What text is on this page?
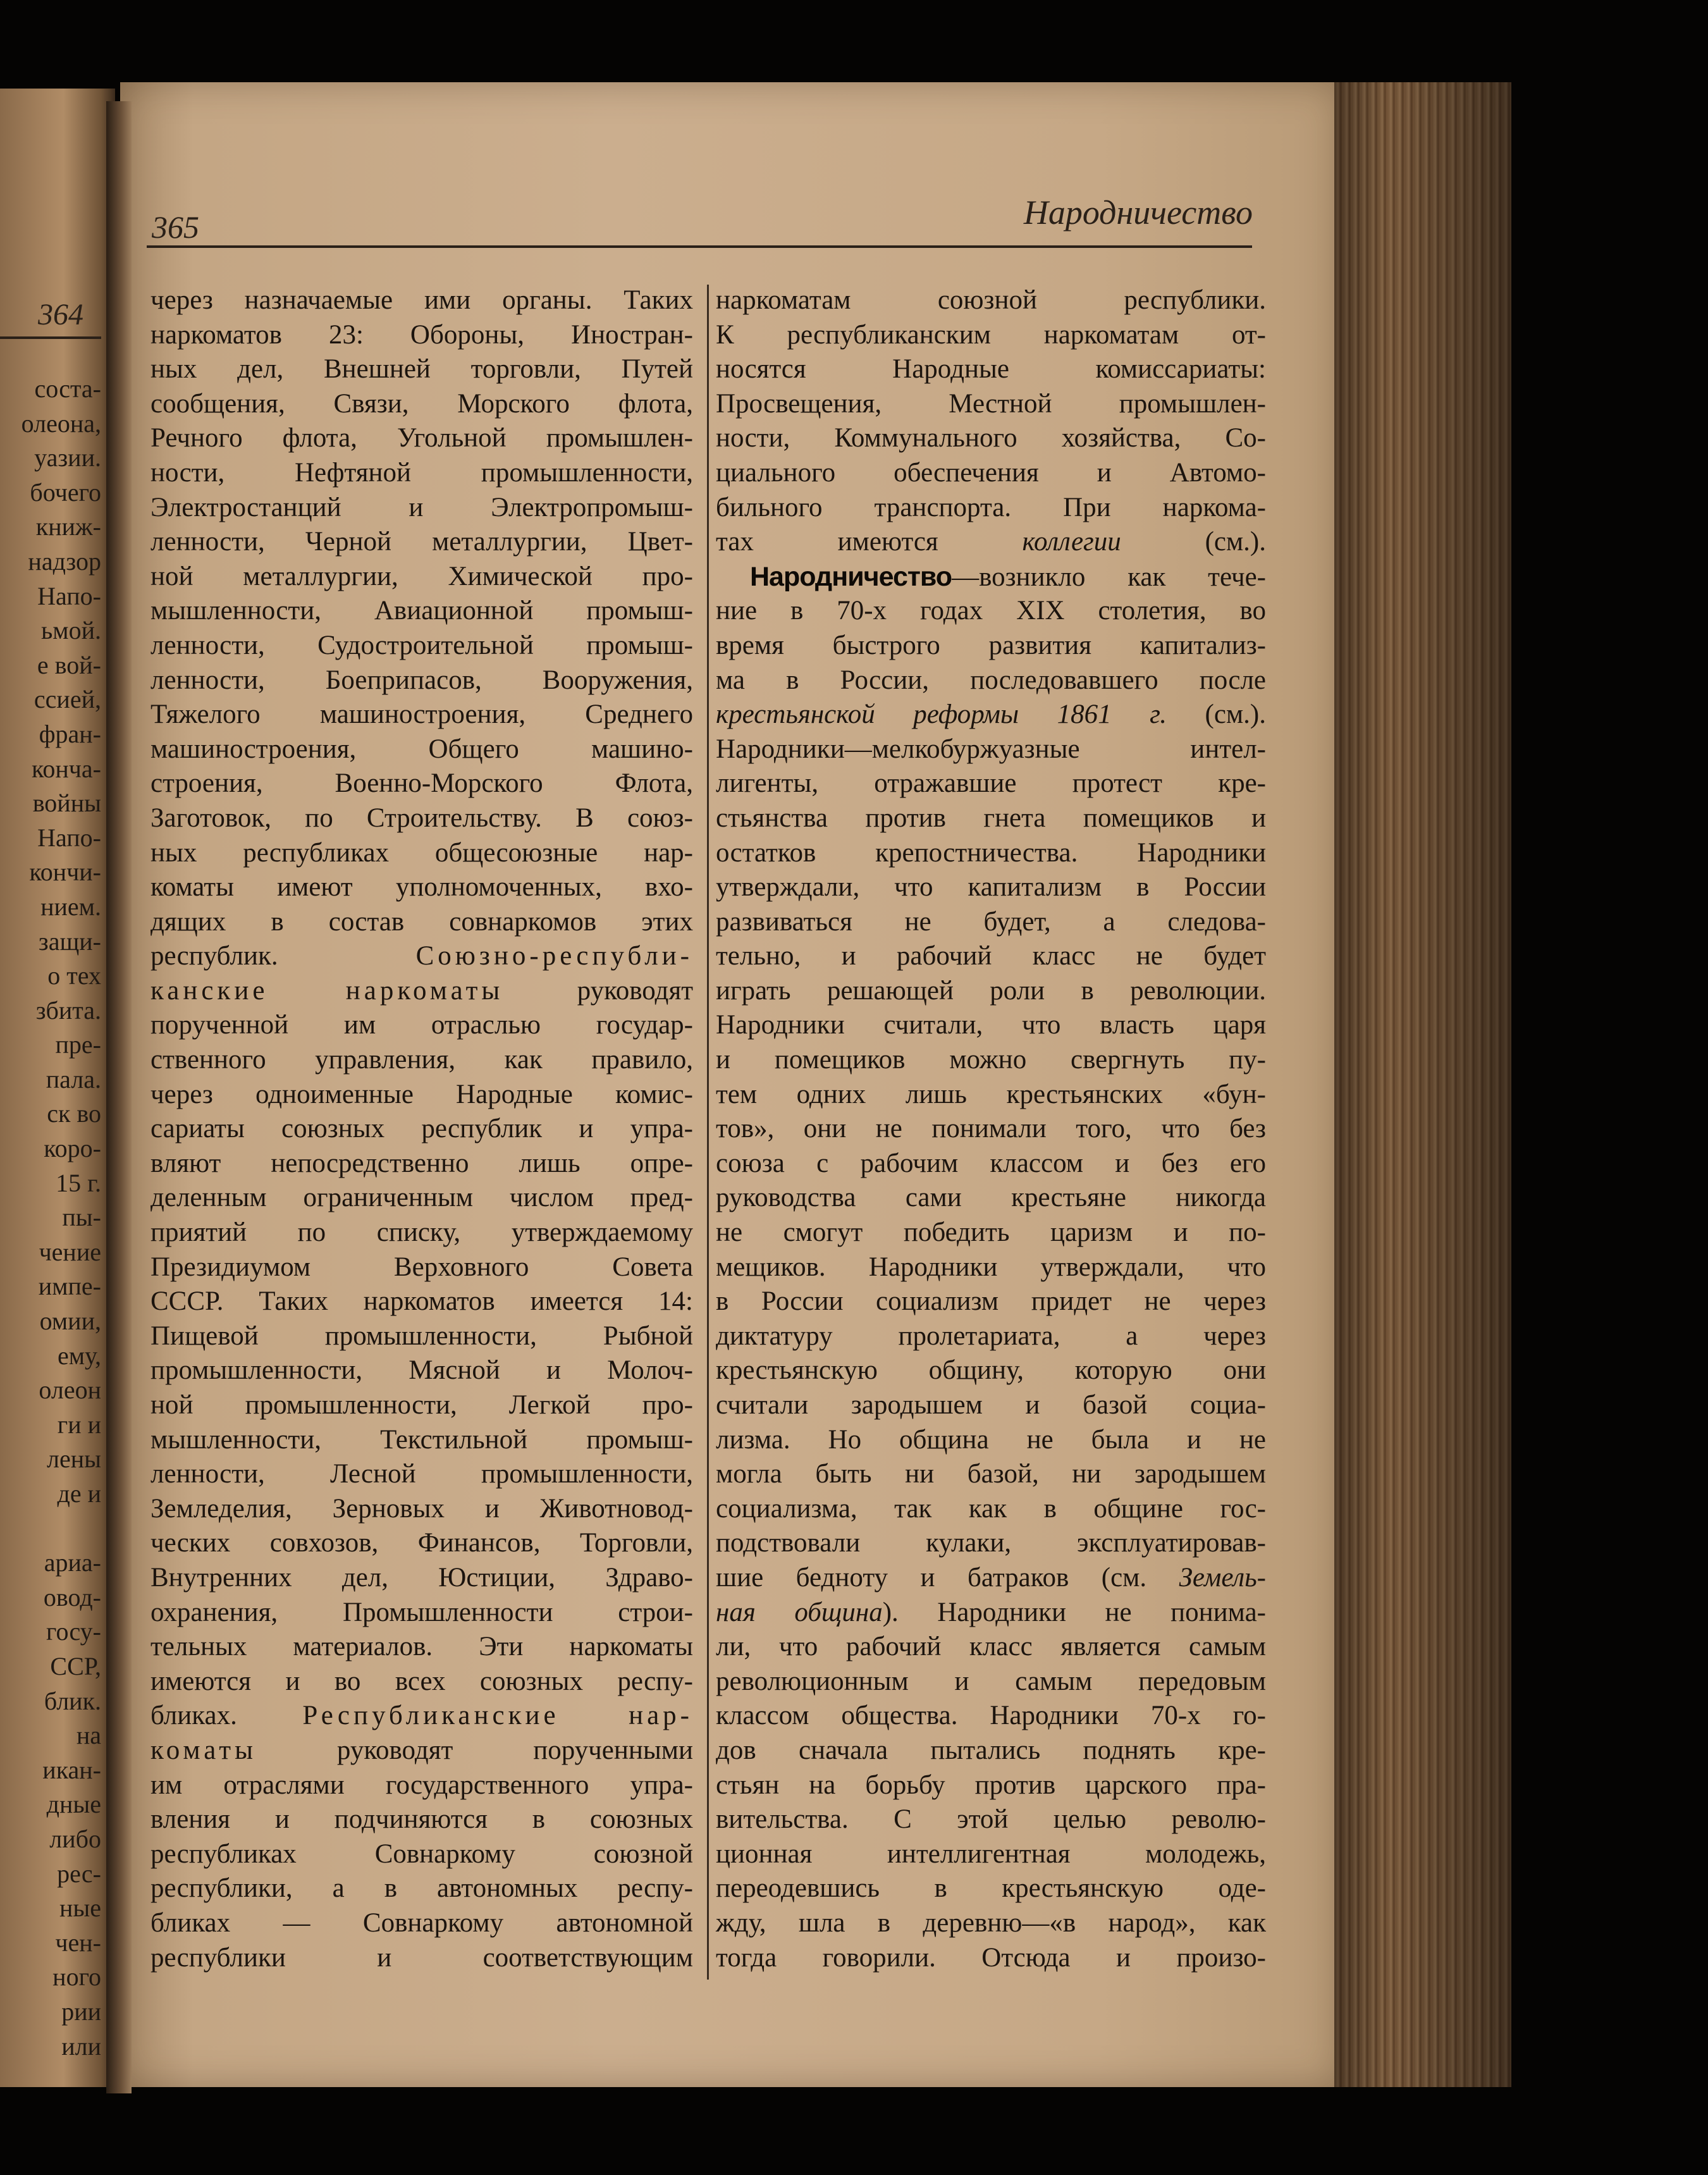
364
соста-
олеона,
уазии.
бочего
книж-
надзор
Напо-
ьмой.
е вой-
ссией,
фран-
конча-
войны
Напо-
кончи-
нием.
защи-
о тех
збита.
пре-
пала.
ск во
коро-
15 г.
пы-
чение
импе-
омии,
ему,
олеон
ги и
лены
де и
ариа-
овод-
госу-
ССР,
блик.
на
икан-
дные
либо
рес-
ные
чен-
ного
рии
или
365	Народничество
через назначаемые ими органы. Таких
наркоматов 23: Обороны, Иностран-
ных дел, Внешней торговли, Путей
сообщения, Связи, Морского флота,
Речного флота, Угольной промышлен-
ности, Нефтяной промышленности,
Электростанций и Электропромыш-
ленности, Черной металлургии, Цвет-
ной металлургии, Химической про-
мышленности, Авиационной промыш-
ленности, Судостроительной промыш-
ленности, Боеприпасов, Вооружения,
Тяжелого машиностроения, Среднего
машиностроения, Общего машино-
строения, Военно-Морского Флота,
Заготовок, по Строительству. В союз-
ных республиках общесоюзные нар-
коматы имеют уполномоченных, вхо-
дящих в состав совнаркомов этих
республик. Союзно-республи-
канские наркоматы руководят
порученной им отраслью государ-
ственного управления, как правило,
через одноименные Народные комис-
сариаты союзных республик и упра-
вляют непосредственно лишь опре-
деленным ограниченным числом пред-
приятий по списку, утверждаемому
Президиумом Верховного Совета
СССР. Таких наркоматов имеется 14:
Пищевой промышленности, Рыбной
промышленности, Мясной и Молоч-
ной промышленности, Легкой про-
мышленности, Текстильной промыш-
ленности, Лесной промышленности,
Земледелия, Зерновых и Животновод-
ческих совхозов, Финансов, Торговли,
Внутренних дел, Юстиции, Здраво-
охранения, Промышленности строи-
тельных материалов. Эти наркоматы
имеются и во всех союзных респу-
бликах. Республиканские нар-
коматы руководят порученными
им отраслями государственного упра-
вления и подчиняются в союзных
республиках Совнаркому союзной
республики, а в автономных респу-
бликах — Совнаркому автономной
республики и соответствующим
наркоматам союзной республики.
К республиканским наркоматам от-
носятся Народные комиссариаты:
Просвещения, Местной промышлен-
ности, Коммунального хозяйства, Со-
циального обеспечения и Автомо-
бильного транспорта. При наркома-
тах имеются коллегии (см.).
Народничество—возникло как тече-
ние в 70-х годах XIX столетия, во
время быстрого развития капитализ-
ма в России, последовавшего после
крестьянской реформы 1861 г. (см.).
Народники—мелкобуржуазные интел-
лигенты, отражавшие протест кре-
стьянства против гнета помещиков и
остатков крепостничества. Народники
утверждали, что капитализм в России
развиваться не будет, а следова-
тельно, и рабочий класс не будет
играть решающей роли в революции.
Народники считали, что власть царя
и помещиков можно свергнуть пу-
тем одних лишь крестьянских «бун-
тов», они не понимали того, что без
союза с рабочим классом и без его
руководства сами крестьяне никогда
не смогут победить царизм и по-
мещиков. Народники утверждали, что
в России социализм придет не через
диктатуру пролетариата, а через
крестьянскую общину, которую они
считали зародышем и базой социа-
лизма. Но община не была и не
могла быть ни базой, ни зародышем
социализма, так как в общине гос-
подствовали кулаки, эксплуатировав-
шие бедноту и батраков (см. Земель-
ная община). Народники не понима-
ли, что рабочий класс является самым
революционным и самым передовым
классом общества. Народники 70-х го-
дов сначала пытались поднять кре-
стьян на борьбу против царского пра-
вительства. С этой целью револю-
ционная интеллигентная молодежь,
переодевшись в крестьянскую оде-
жду, шла в деревню—«в народ», как
тогда говорили. Отсюда и произо-
